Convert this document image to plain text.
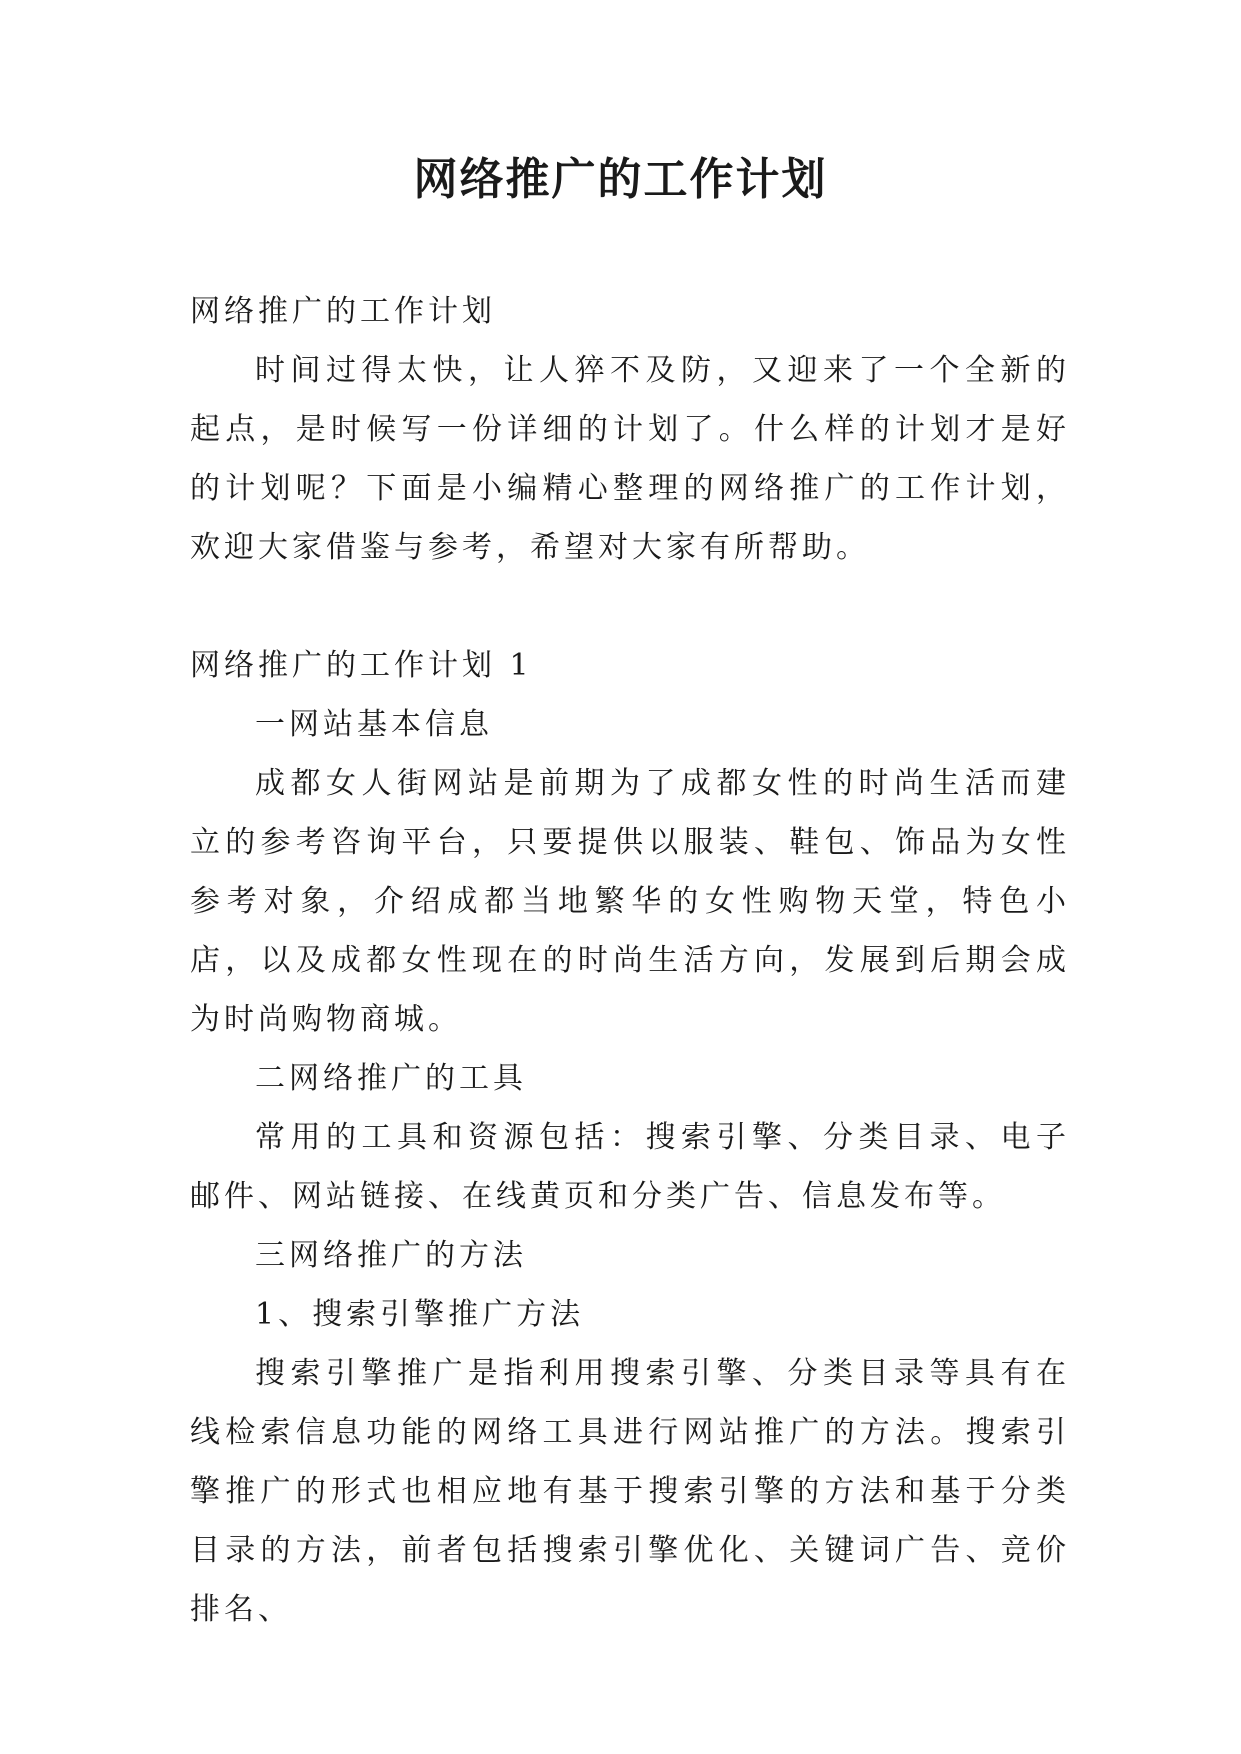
网络推广的工作计划

网络推广的工作计划

时间过得太快，让人猝不及防，又迎来了一个全新的起点，是时候写一份详细的计划了。什么样的计划才是好的计划呢？下面是小编精心整理的网络推广的工作计划，欢迎大家借鉴与参考，希望对大家有所帮助。

网络推广的工作计划 1

一网站基本信息

成都女人街网站是前期为了成都女性的时尚生活而建立的参考咨询平台，只要提供以服装、鞋包、饰品为女性参考对象，介绍成都当地繁华的女性购物天堂，特色小店，以及成都女性现在的时尚生活方向，发展到后期会成为时尚购物商城。

二网络推广的工具

常用的工具和资源包括：搜索引擎、分类目录、电子邮件、网站链接、在线黄页和分类广告、信息发布等。

三网络推广的方法

1、搜索引擎推广方法

搜索引擎推广是指利用搜索引擎、分类目录等具有在线检索信息功能的网络工具进行网站推广的方法。搜索引擎推广的形式也相应地有基于搜索引擎的方法和基于分类目录的方法，前者包括搜索引擎优化、关键词广告、竞价排名、
